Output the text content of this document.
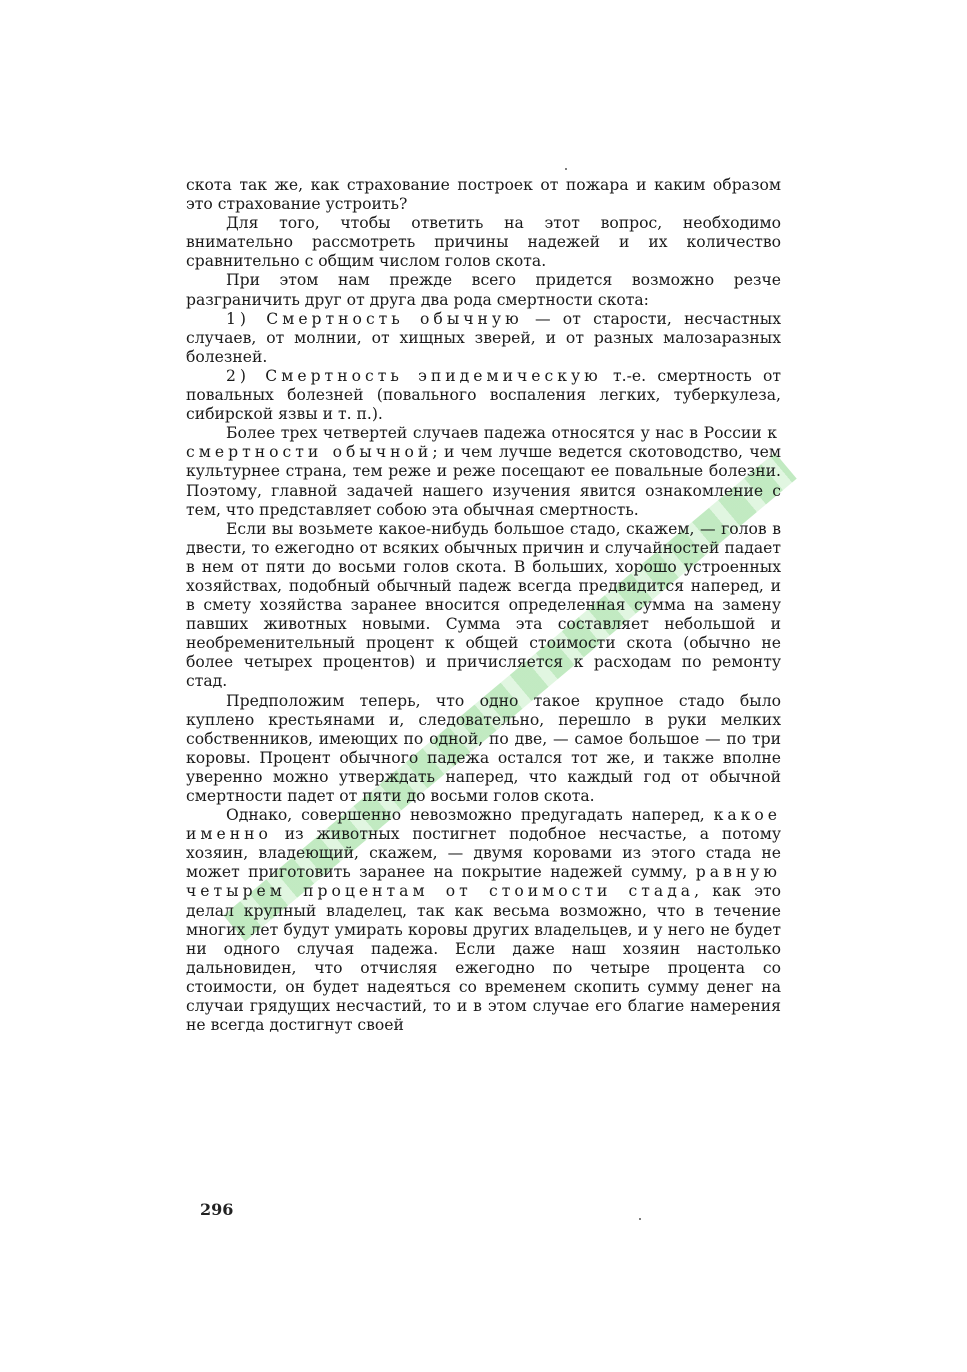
скота так же, как страхование построек от пожара и каким образом это страхование устроить?

Для того, чтобы ответить на этот вопрос, необходимо внимательно рассмотреть причины надежей и их количество сравнительно с общим числом голов скота.

При этом нам прежде всего придется возможно резче разграничить друг от друга два рода смертности скота:

1) Смертность обычную — от старости, несчастных случаев, от молнии, от хищных зверей, и от разных малозаразных болезней.

2) Смертность эпидемическую т.-е. смертность от повальных болезней (повального воспаления легких, туберкулеза, сибирской язвы и т. п.).

Более трех четвертей случаев падежа относятся у нас в России к смертности обычной; и чем лучше ведется скотоводство, чем культурнее страна, тем реже и реже посещают ее повальные болезни. Поэтому, главной задачей нашего изучения явится ознакомление с тем, что представляет собою эта обычная смертность.

Если вы возьмете какое-нибудь большое стадо, скажем, — голов в двести, то ежегодно от всяких обычных причин и случайностей падает в нем от пяти до восьми голов скота. В больших, хорошо устроенных хозяйствах, подобный обычный падеж всегда предвидится наперед, и в смету хозяйства заранее вносится определенная сумма на замену павших животных новыми. Сумма эта составляет небольшой и необременительный процент к общей стоимости скота (обычно не более четырех процентов) и причисляется к расходам по ремонту стад.

Предположим теперь, что одно такое крупное стадо было куплено крестьянами и, следовательно, перешло в руки мелких собственников, имеющих по одной, по две, — самое большое — по три коровы. Процент обычного падежа остался тот же, и также вполне уверенно можно утверждать наперед, что каждый год от обычной смертности падет от пяти до восьми голов скота.

Однако, совершенно невозможно предугадать наперед, какое именно из животных постигнет подобное несчастье, а потому хозяин, владеющий, скажем, — двумя коровами из этого стада не может приготовить заранее на покрытие надежей сумму, равную четырем процентам от стоимости стада, как это делал крупный владелец, так как весьма возможно, что в течение многих лет будут умирать коровы других владельцев, и у него не будет ни одного случая падежа. Если даже наш хозяин настолько дальновиден, что отчисляя ежегодно по четыре процента со стоимости, он будет надеяться со временем скопить сумму денег на случаи грядущих несчастий, то и в этом случае его благие намерения не всегда достигнут своей

296
